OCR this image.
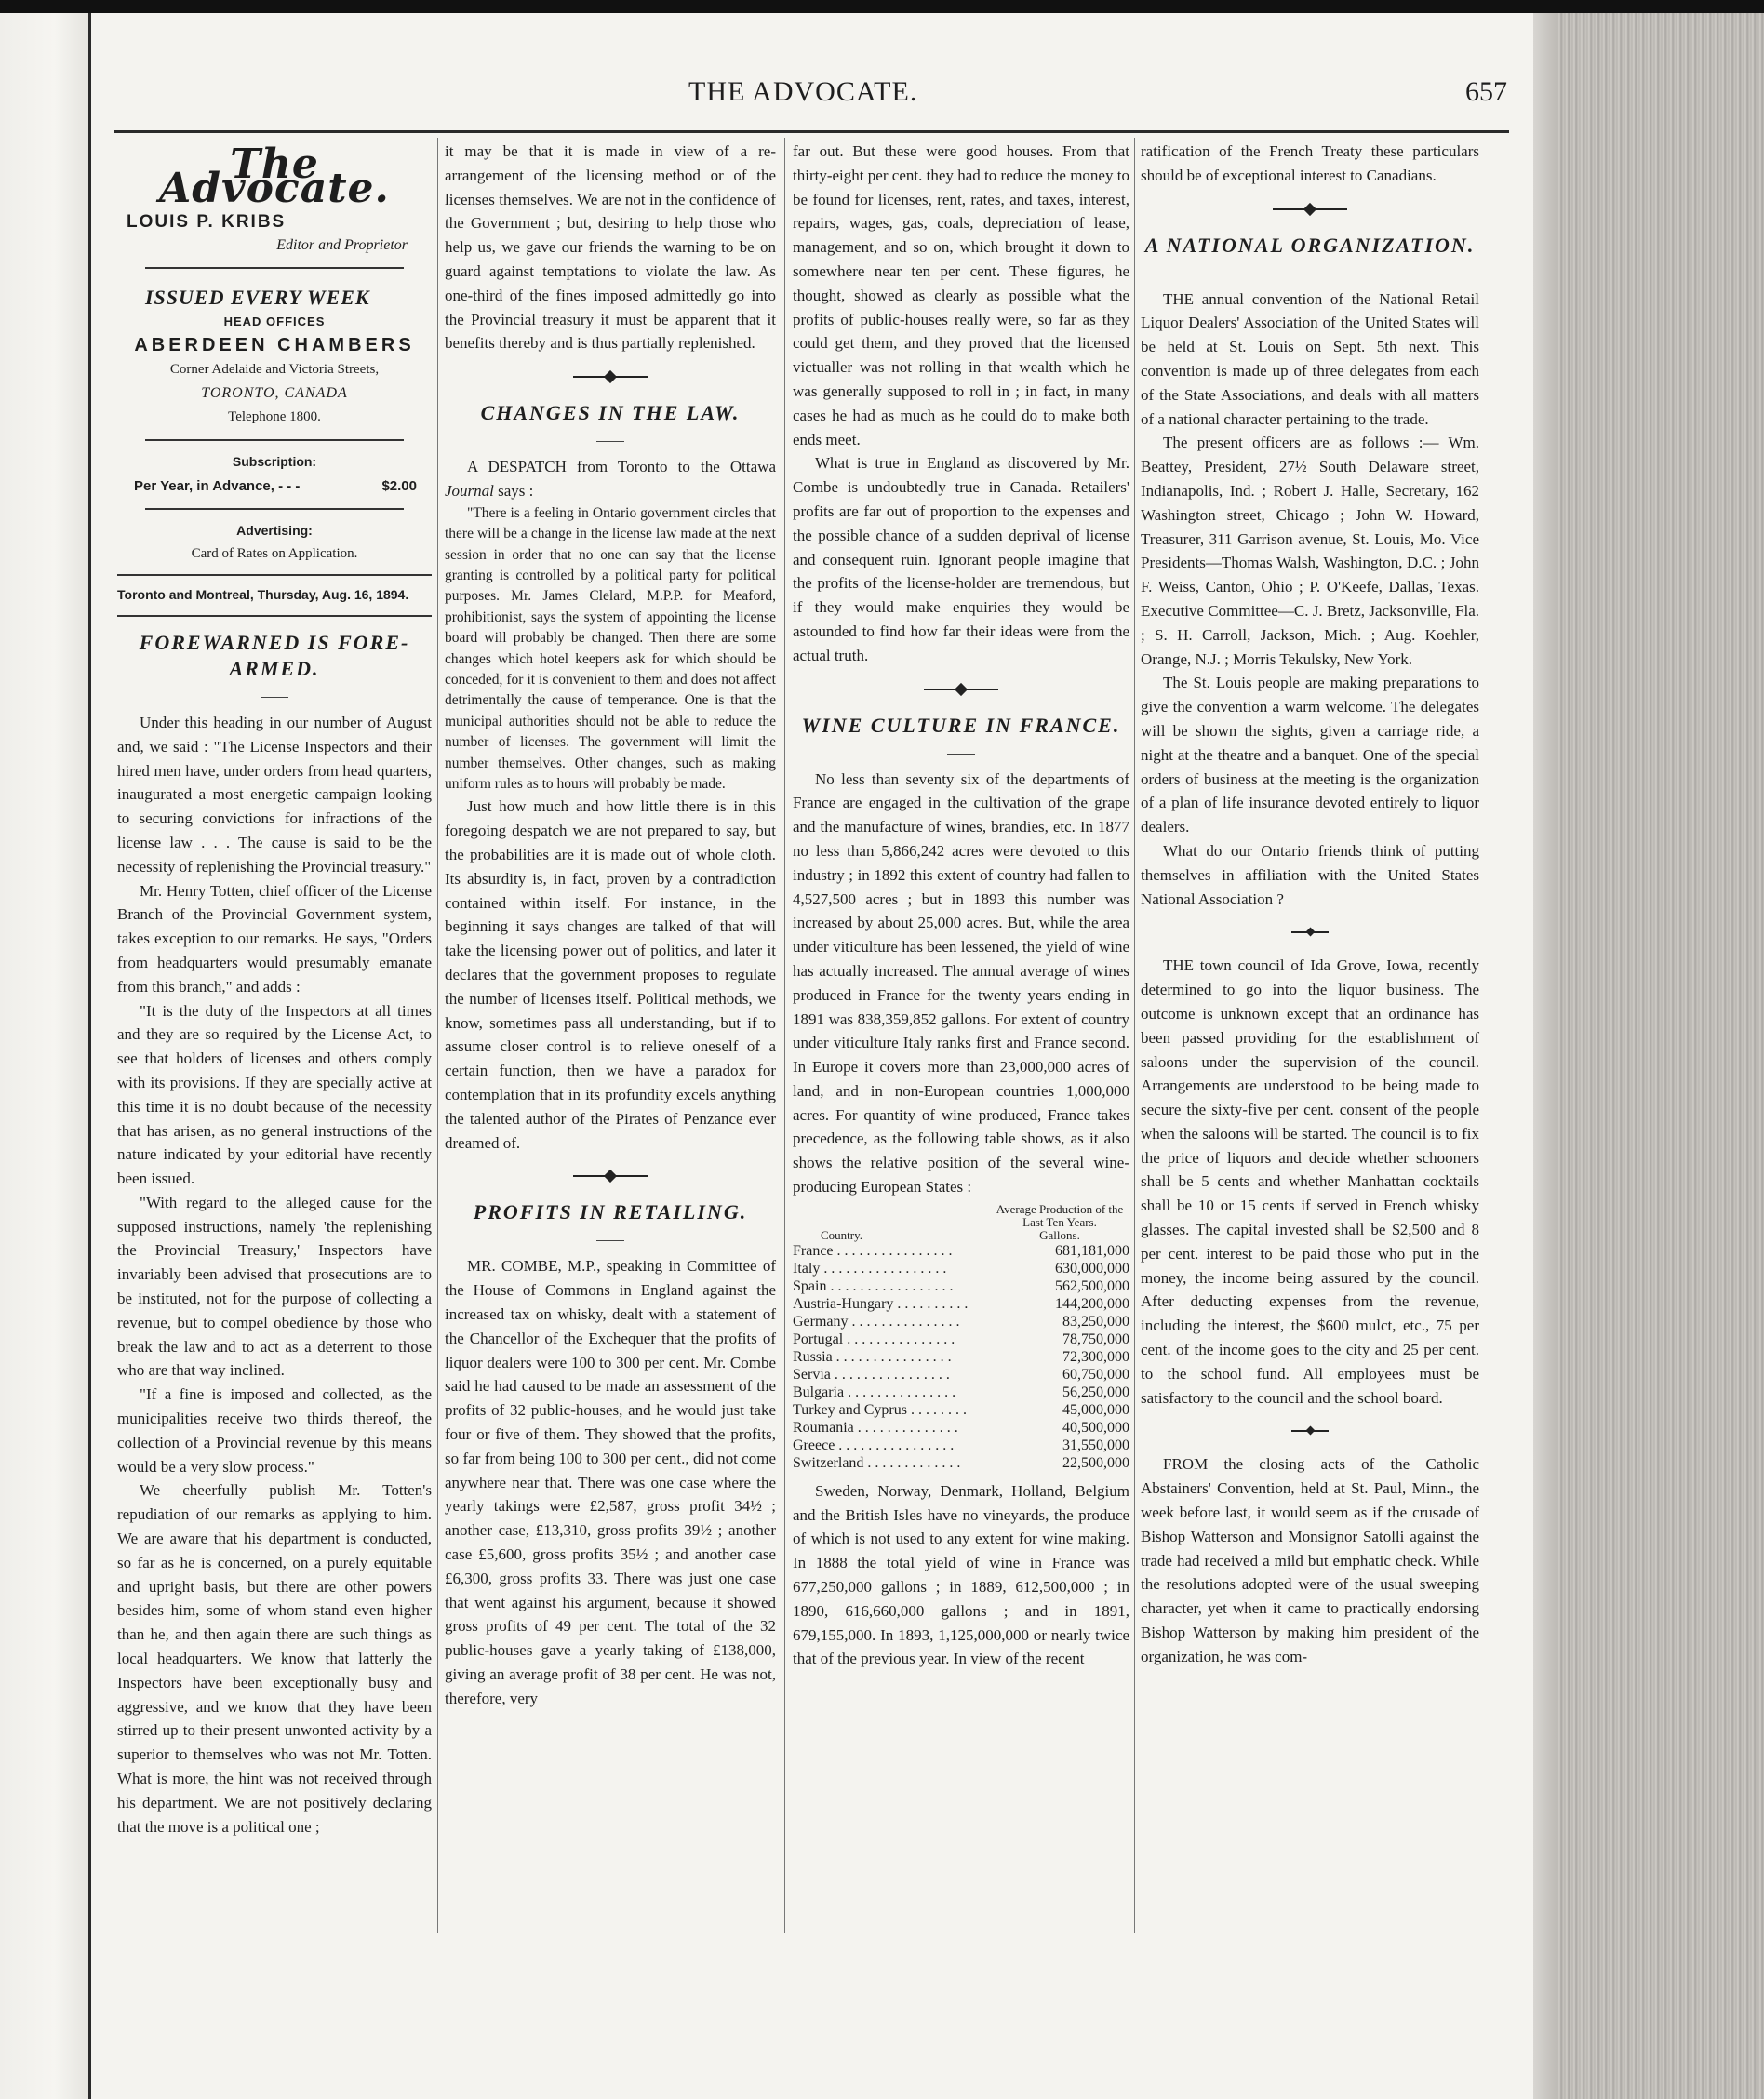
THE ADVOCATE.	657
The Advocate.
LOUIS P. KRIBS
Editor and Proprietor
ISSUED EVERY WEEK
HEAD OFFICES
ABERDEEN CHAMBERS
Corner Adelaide and Victoria Streets,
TORONTO, CANADA
Telephone 1800.
Subscription:
Per Year, in Advance, - - -	$2.00
Advertising:
Card of Rates on Application.
Toronto and Montreal, Thursday, Aug. 16, 1894.
FOREWARNED IS FORE-ARMED.

Under this heading in our number of August and, we said : "The License Inspectors and their hired men have, under orders from head quarters, inaugurated a most energetic campaign looking to securing convictions for infractions of the license law . . . The cause is said to be the necessity of replenishing the Provincial treasury."

Mr. Henry Totten, chief officer of the License Branch of the Provincial Government system, takes exception to our remarks. He says, "Orders from headquarters would presumably emanate from this branch," and adds :

"It is the duty of the Inspectors at all times and they are so required by the License Act, to see that holders of licenses and others comply with its provisions. If they are specially active at this time it is no doubt because of the necessity that has arisen, as no general instructions of the nature indicated by your editorial have recently been issued.

"With regard to the alleged cause for the supposed instructions, namely 'the replenishing the Provincial Treasury,' Inspectors have invariably been advised that prosecutions are to be instituted, not for the purpose of collecting a revenue, but to compel obedience by those who break the law and to act as a deterrent to those who are that way inclined.

"If a fine is imposed and collected, as the municipalities receive two thirds thereof, the collection of a Provincial revenue by this means would be a very slow process."

We cheerfully publish Mr. Totten's repudiation of our remarks as applying to him. We are aware that his department is conducted, so far as he is concerned, on a purely equitable and upright basis, but there are other powers besides him, some of whom stand even higher than he, and then again there are such things as local headquarters. We know that latterly the Inspectors have been exceptionally busy and aggressive, and we know that they have been stirred up to their present unwonted activity by a superior to themselves who was not Mr. Totten. What is more, the hint was not received through his department. We are not positively declaring that the move is a political one ;

it may be that it is made in view of a re-arrangement of the licensing method or of the licenses themselves. We are not in the confidence of the Government ; but, desiring to help those who help us, we gave our friends the warning to be on guard against temptations to violate the law. As one-third of the fines imposed admittedly go into the Provincial treasury it must be apparent that it benefits thereby and is thus partially replenished.

CHANGES IN THE LAW.

A DESPATCH from Toronto to the Ottawa Journal says :

"There is a feeling in Ontario government circles that there will be a change in the license law made at the next session in order that no one can say that the license granting is controlled by a political party for political purposes. Mr. James Clelard, M.P.P. for Meaford, prohibitionist, says the system of appointing the license board will probably be changed. Then there are some changes which hotel keepers ask for which should be conceded, for it is convenient to them and does not affect detrimentally the cause of temperance. One is that the municipal authorities should not be able to reduce the number of licenses. The government will limit the number themselves. Other changes, such as making uniform rules as to hours will probably be made.

Just how much and how little there is in this foregoing despatch we are not prepared to say, but the probabilities are it is made out of whole cloth. Its absurdity is, in fact, proven by a contradiction contained within itself. For instance, in the beginning it says changes are talked of that will take the licensing power out of politics, and later it declares that the government proposes to regulate the number of licenses itself. Political methods, we know, sometimes pass all understanding, but if to assume closer control is to relieve oneself of a certain function, then we have a paradox for contemplation that in its profundity excels anything the talented author of the Pirates of Penzance ever dreamed of.

PROFITS IN RETAILING.

MR. COMBE, M.P., speaking in Committee of the House of Commons in England against the increased tax on whisky, dealt with a statement of the Chancellor of the Exchequer that the profits of liquor dealers were 100 to 300 per cent. Mr. Combe said he had caused to be made an assessment of the profits of 32 public-houses, and he would just take four or five of them. They showed that the profits, so far from being 100 to 300 per cent., did not come anywhere near that. There was one case where the yearly takings were £2,587, gross profit 34½ ; another case, £13,310, gross profits 39½ ; another case £5,600, gross profits 35½ ; and another case £6,300, gross profits 33. There was just one case that went against his argument, because it showed gross profits of 49 per cent. The total of the 32 public-houses gave a yearly taking of £138,000, giving an average profit of 38 per cent. He was not, therefore, very

far out. But these were good houses. From that thirty-eight per cent. they had to reduce the money to be found for licenses, rent, rates, and taxes, interest, repairs, wages, gas, coals, depreciation of lease, management, and so on, which brought it down to somewhere near ten per cent. These figures, he thought, showed as clearly as possible what the profits of public-houses really were, so far as they could get them, and they proved that the licensed victualler was not rolling in that wealth which he was generally supposed to roll in ; in fact, in many cases he had as much as he could do to make both ends meet.

What is true in England as discovered by Mr. Combe is undoubtedly true in Canada. Retailers' profits are far out of proportion to the expenses and the possible chance of a sudden deprival of license and consequent ruin. Ignorant people imagine that the profits of the license-holder are tremendous, but if they would make enquiries they would be astounded to find how far their ideas were from the actual truth.

WINE CULTURE IN FRANCE.

No less than seventy six of the departments of France are engaged in the cultivation of the grape and the manufacture of wines, brandies, etc. In 1877 no less than 5,866,242 acres were devoted to this industry ; in 1892 this extent of country had fallen to 4,527,500 acres ; but in 1893 this number was increased by about 25,000 acres. But, while the area under viticulture has been lessened, the yield of wine has actually increased. The annual average of wines produced in France for the twenty years ending in 1891 was 838,359,852 gallons. For extent of country under viticulture Italy ranks first and France second. In Europe it covers more than 23,000,000 acres of land, and in non-European countries 1,000,000 acres. For quantity of wine produced, France takes precedence, as the following table shows, as it also shows the relative position of the several wine-producing European States :

Country.
Average Production of the Last Ten Years.
Gallons.
France . . . . . . . . . . . . . . . .	681,181,000
Italy . . . . . . . . . . . . . . . . .	630,000,000
Spain . . . . . . . . . . . . . . . . .	562,500,000
Austria-Hungary . . . . . . . . . .	144,200,000
Germany . . . . . . . . . . . . . . .	83,250,000
Portugal . . . . . . . . . . . . . . .	78,750,000
Russia . . . . . . . . . . . . . . . .	72,300,000
Servia . . . . . . . . . . . . . . . .	60,750,000
Bulgaria . . . . . . . . . . . . . . .	56,250,000
Turkey and Cyprus . . . . . . . .	45,000,000
Roumania . . . . . . . . . . . . . .	40,500,000
Greece . . . . . . . . . . . . . . . .	31,550,000
Switzerland . . . . . . . . . . . . .	22,500,000

Sweden, Norway, Denmark, Holland, Belgium and the British Isles have no vineyards, the produce of which is not used to any extent for wine making. In 1888 the total yield of wine in France was 677,250,000 gallons ; in 1889, 612,500,000 ; in 1890, 616,660,000 gallons ; and in 1891, 679,155,000. In 1893, 1,125,000,000 or nearly twice that of the previous year. In view of the recent

ratification of the French Treaty these particulars should be of exceptional interest to Canadians.

A NATIONAL ORGANIZATION.

THE annual convention of the National Retail Liquor Dealers' Association of the United States will be held at St. Louis on Sept. 5th next. This convention is made up of three delegates from each of the State Associations, and deals with all matters of a national character pertaining to the trade.

The present officers are as follows :— Wm. Beattey, President, 27½ South Delaware street, Indianapolis, Ind. ; Robert J. Halle, Secretary, 162 Washington street, Chicago ; John W. Howard, Treasurer, 311 Garrison avenue, St. Louis, Mo. Vice Presidents—Thomas Walsh, Washington, D.C. ; John F. Weiss, Canton, Ohio ; P. O'Keefe, Dallas, Texas. Executive Committee—C. J. Bretz, Jacksonville, Fla. ; S. H. Carroll, Jackson, Mich. ; Aug. Koehler, Orange, N.J. ; Morris Tekulsky, New York.

The St. Louis people are making preparations to give the convention a warm welcome. The delegates will be shown the sights, given a carriage ride, a night at the theatre and a banquet. One of the special orders of business at the meeting is the organization of a plan of life insurance devoted entirely to liquor dealers.

What do our Ontario friends think of putting themselves in affiliation with the United States National Association ?

THE town council of Ida Grove, Iowa, recently determined to go into the liquor business. The outcome is unknown except that an ordinance has been passed providing for the establishment of saloons under the supervision of the council. Arrangements are understood to be being made to secure the sixty-five per cent. consent of the people when the saloons will be started. The council is to fix the price of liquors and decide whether schooners shall be 5 cents and whether Manhattan cocktails shall be 10 or 15 cents if served in French whisky glasses. The capital invested shall be $2,500 and 8 per cent. interest to be paid those who put in the money, the income being assured by the council. After deducting expenses from the revenue, including the interest, the $600 mulct, etc., 75 per cent. of the income goes to the city and 25 per cent. to the school fund. All employees must be satisfactory to the council and the school board.

FROM the closing acts of the Catholic Abstainers' Convention, held at St. Paul, Minn., the week before last, it would seem as if the crusade of Bishop Watterson and Monsignor Satolli against the trade had received a mild but emphatic check. While the resolutions adopted were of the usual sweeping character, yet when it came to practically endorsing Bishop Watterson by making him president of the organization, he was com-
